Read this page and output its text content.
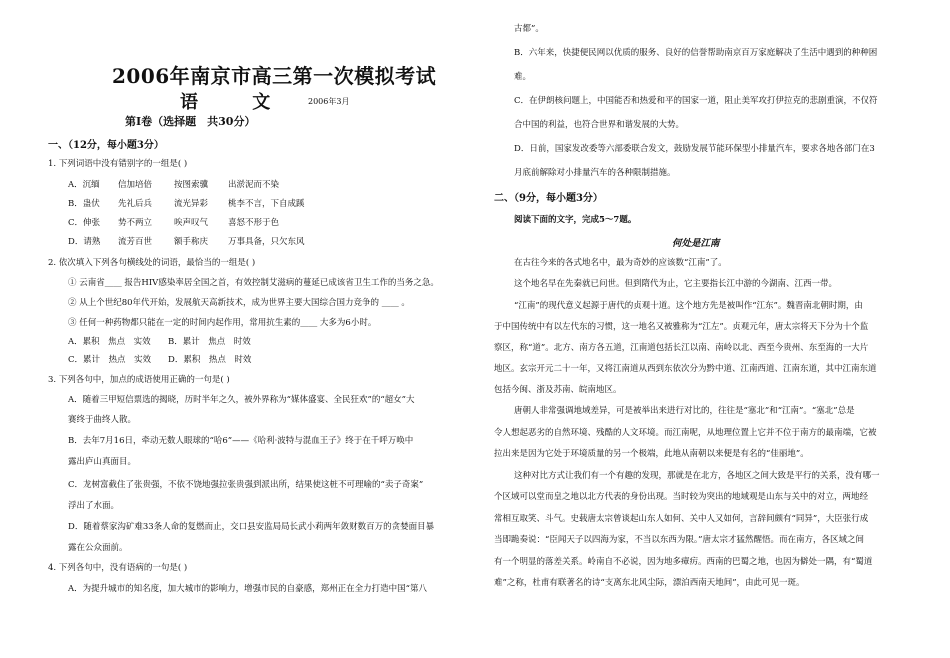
2006年南京市高三第一次模拟考试
语 文 2006年3月
第Ⅰ卷（选择题　共30分）
一、（12分，每小题3分）
1. 下列词语中没有错别字的一组是( )
A．沉缅 信加培倍	按图索骥 出淤泥而不染
B．蛊伏 先礼后兵	流光异彩 桃李不言，下自成蹊
C．伸张 势不两立	唉声叹气 喜怒不形于色
D．请熟 流芳百世	额手称庆 万事具备，只欠东风
2. 依次填入下列各句横线处的词语，最恰当的一组是( )
① 云南省____ 报告HIV感染率居全国之首，有效控制艾滋病的蔓延已成该省卫生工作的当务之急。
② 从上个世纪80年代开始，发展航天高新技术，成为世界主要大国综合国力竞争的 ____ 。
③ 任何一种药物都只能在一定的时间内起作用，常用抗生素的____ 大多为6小时。
A．累积　焦点　实效 B．累计　焦点　时效
C．累计　热点　实效 D．累积　热点　时效
3. 下列各句中，加点的成语使用正确的一句是( )
A．随着三甲短信票选的揭晓，历时半年之久，被外界称为“媒体盛宴、全民狂欢”的“超女”大
赛终于曲终人散。
B．去年7月16日，牵动无数人眼球的“哈6”——《哈利·波特与混血王子》终于在千呼万唤中
露出庐山真面目。
C．龙树富截住了张贵强，不依不饶地强拉张贵强到派出所，结果使这桩不可理喻的“卖子奇案”
浮出了水面。
D．随着蔡家沟矿难33条人命的复燃而止，交口县安监局局长武小莉两年敛财数百万的贪婪面目暴
露在公众面前。
4. 下列各句中，没有语病的一句是( )
A．为提升城市的知名度，加大城市的影响力，增强市民的自豪感，郑州正在全力打造中国“第八
古都”。
B．六年来，快捷便民网以优质的服务、良好的信誉帮助南京百万家庭解决了生活中遇到的种种困
难。
C．在伊朗核问题上，中国能否和热爱和平的国家一道，阻止美军攻打伊拉克的悲剧重演，不仅符
合中国的利益，也符合世界和谐发展的大势。
D．日前，国家发改委等六部委联合发文，鼓励发展节能环保型小排量汽车，要求各地各部门在3
月底前解除对小排量汽车的各种限制措施。
二、（9分，每小题3分）
阅读下面的文字，完成5～7题。
何处是江南
在古往今来的各式地名中，最为奇妙的应该数“江南”了。
这个地名早在先秦就已问世。但到隋代为止，它主要指长江中游的今湖南、江西一带。
“江南”的现代意义起源于唐代的贞观十道。这个地方先是被叫作“江东”。魏晋南北朝时期，由
于中国传统中有以左代东的习惯，这一地名又被雅称为“江左”。贞观元年，唐太宗将天下分为十个监
察区，称“道”。北方、南方各五道，江南道包括长江以南、南岭以北、西至今贵州、东至海的一大片
地区。玄宗开元二十一年，又将江南道从西到东依次分为黔中道、江南西道、江南东道，其中江南东道
包括今闽、浙及苏南、皖南地区。
唐朝人非常强调地域差异，可是被举出来进行对比的，往往是“塞北”和“江南”。“塞北”总是
令人想起恶劣的自然环境、残酷的人文环境。而江南呢，从地理位置上它并不位于南方的最南端，它被
拉出来是因为它处于环境质量的另一个极端，此地从南朝以来便是有名的“佳丽地”。
这种对比方式让我们有一个有趣的发现，那就是在北方，各地区之间大致是平行的关系，没有哪一
个区域可以堂而皇之地以北方代表的身份出现。当时较为突出的地域观是山东与关中的对立，两地经
常相互取笑、斗气。史载唐太宗曾谈起山东人如何、关中人又如何，言辞间颇有“同异”，大臣张行成
当即跪奏说：“臣闻天子以四海为家，不当以东西为限。”唐太宗才猛然醒悟。而在南方，各区域之间
有一个明显的落差关系。岭南自不必说，因为地多瘴疠。西南的巴蜀之地，也因为僻处一隅，有“蜀道
难”之称，杜甫有联著名的诗“支离东北风尘际，漂泊西南天地间”，由此可见一斑。
